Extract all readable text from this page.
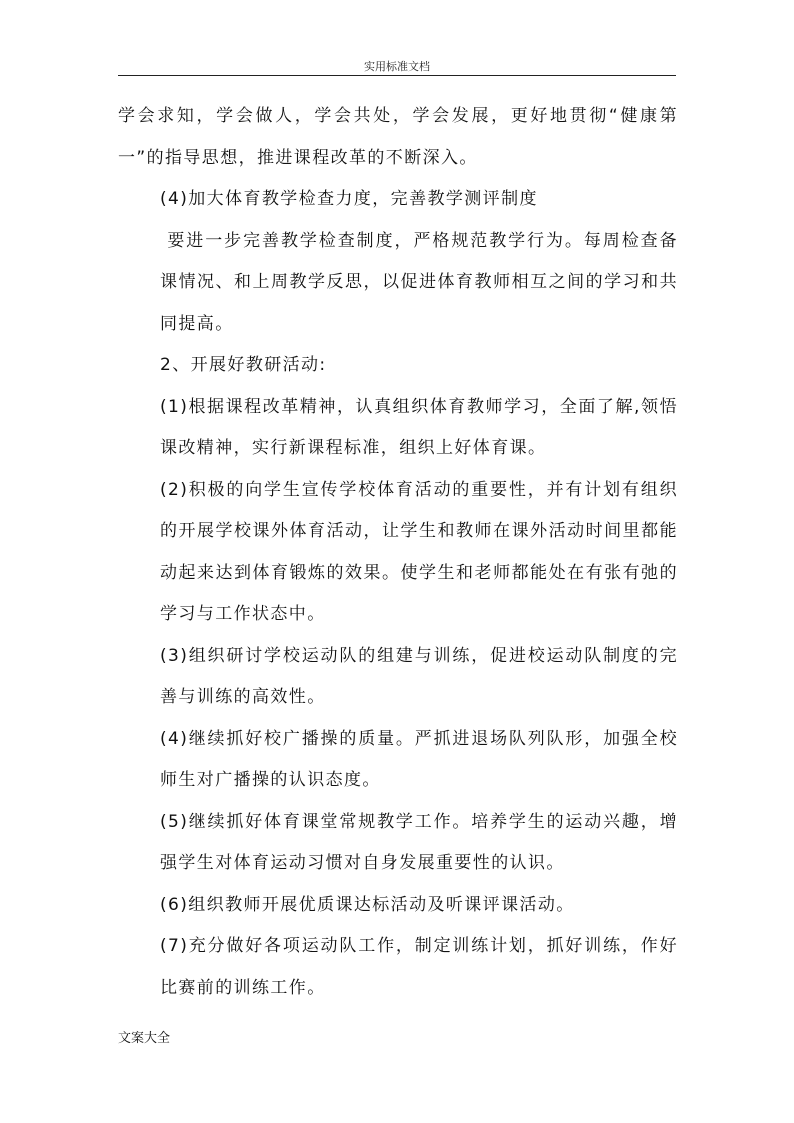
实用标准文档

学会求知，学会做人，学会共处，学会发展，更好地贯彻“健康第一”的指导思想，推进课程改革的不断深入。

(4)加大体育教学检查力度，完善教学测评制度

要进一步完善教学检查制度，严格规范教学行为。每周检查备课情况、和上周教学反思，以促进体育教师相互之间的学习和共同提高。

2、开展好教研活动:

(1)根据课程改革精神，认真组织体育教师学习，全面了解,领悟课改精神，实行新课程标准，组织上好体育课。

(2)积极的向学生宣传学校体育活动的重要性，并有计划有组织的开展学校课外体育活动，让学生和教师在课外活动时间里都能动起来达到体育锻炼的效果。使学生和老师都能处在有张有弛的学习与工作状态中。

(3)组织研讨学校运动队的组建与训练，促进校运动队制度的完善与训练的高效性。

(4)继续抓好校广播操的质量。严抓进退场队列队形，加强全校师生对广播操的认识态度。

(5)继续抓好体育课堂常规教学工作。培养学生的运动兴趣，增强学生对体育运动习惯对自身发展重要性的认识。

(6)组织教师开展优质课达标活动及听课评课活动。

(7)充分做好各项运动队工作，制定训练计划，抓好训练，作好比赛前的训练工作。

文案大全
